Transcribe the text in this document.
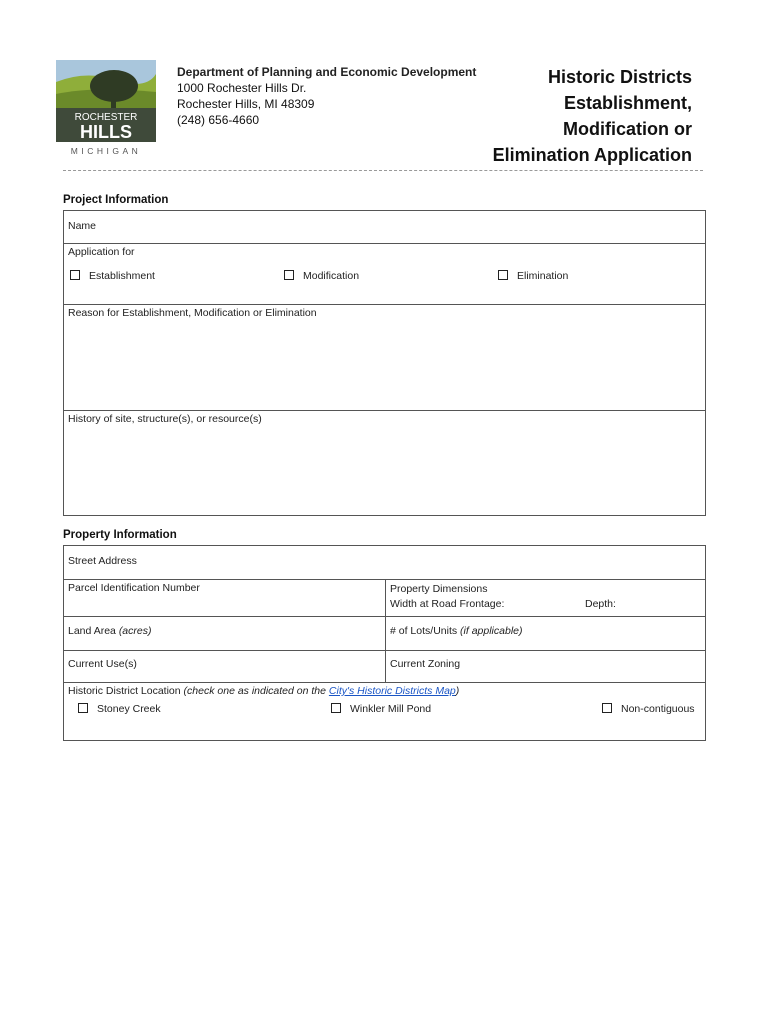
ROCHESTER
HILLS
MICHIGAN
Department of Planning and Economic Development
1000 Rochester Hills Dr.
Rochester Hills, MI 48309
(248) 656-4660
Historic Districts
Establishment,
Modification or
Elimination Application
Project Information
Name
Application for
Establishment	Modification	Elimination
Reason for Establishment, Modification or Elimination
History of site, structure(s), or resource(s)
Property Information
Street Address
Parcel Identification Number	Property Dimensions
Width at Road Frontage:	Depth:
Land Area (acres)	# of Lots/Units (if applicable)
Current Use(s)	Current Zoning
Historic District Location (check one as indicated on the City's Historic Districts Map)
Stoney Creek	Winkler Mill Pond	Non-contiguous
